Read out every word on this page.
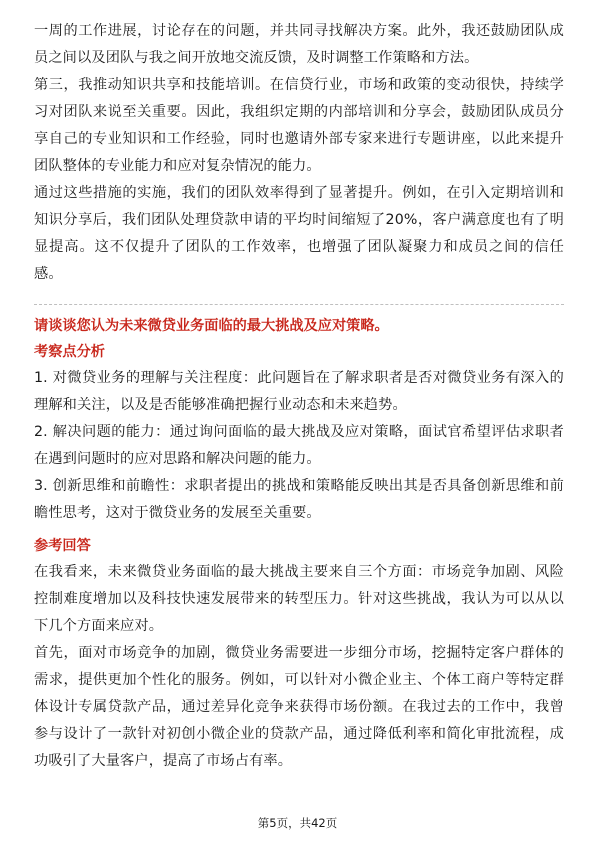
一周的工作进展，讨论存在的问题，并共同寻找解决方案。此外，我还鼓励团队成员之间以及团队与我之间开放地交流反馈，及时调整工作策略和方法。

第三，我推动知识共享和技能培训。在信贷行业，市场和政策的变动很快，持续学习对团队来说至关重要。因此，我组织定期的内部培训和分享会，鼓励团队成员分享自己的专业知识和工作经验，同时也邀请外部专家来进行专题讲座，以此来提升团队整体的专业能力和应对复杂情况的能力。

通过这些措施的实施，我们的团队效率得到了显著提升。例如，在引入定期培训和知识分享后，我们团队处理贷款申请的平均时间缩短了20%，客户满意度也有了明显提高。这不仅提升了团队的工作效率，也增强了团队凝聚力和成员之间的信任感。

请谈谈您认为未来微贷业务面临的最大挑战及应对策略。
考察点分析

1. 对微贷业务的理解与关注程度：此问题旨在了解求职者是否对微贷业务有深入的理解和关注，以及是否能够准确把握行业动态和未来趋势。

2. 解决问题的能力：通过询问面临的最大挑战及应对策略，面试官希望评估求职者在遇到问题时的应对思路和解决问题的能力。

3. 创新思维和前瞻性：求职者提出的挑战和策略能反映出其是否具备创新思维和前瞻性思考，这对于微贷业务的发展至关重要。

参考回答

在我看来，未来微贷业务面临的最大挑战主要来自三个方面：市场竞争加剧、风险控制难度增加以及科技快速发展带来的转型压力。针对这些挑战，我认为可以从以下几个方面来应对。

首先，面对市场竞争的加剧，微贷业务需要进一步细分市场，挖掘特定客户群体的需求，提供更加个性化的服务。例如，可以针对小微企业主、个体工商户等特定群体设计专属贷款产品，通过差异化竞争来获得市场份额。在我过去的工作中，我曾参与设计了一款针对初创小微企业的贷款产品，通过降低利率和简化审批流程，成功吸引了大量客户，提高了市场占有率。

第5页，共42页
